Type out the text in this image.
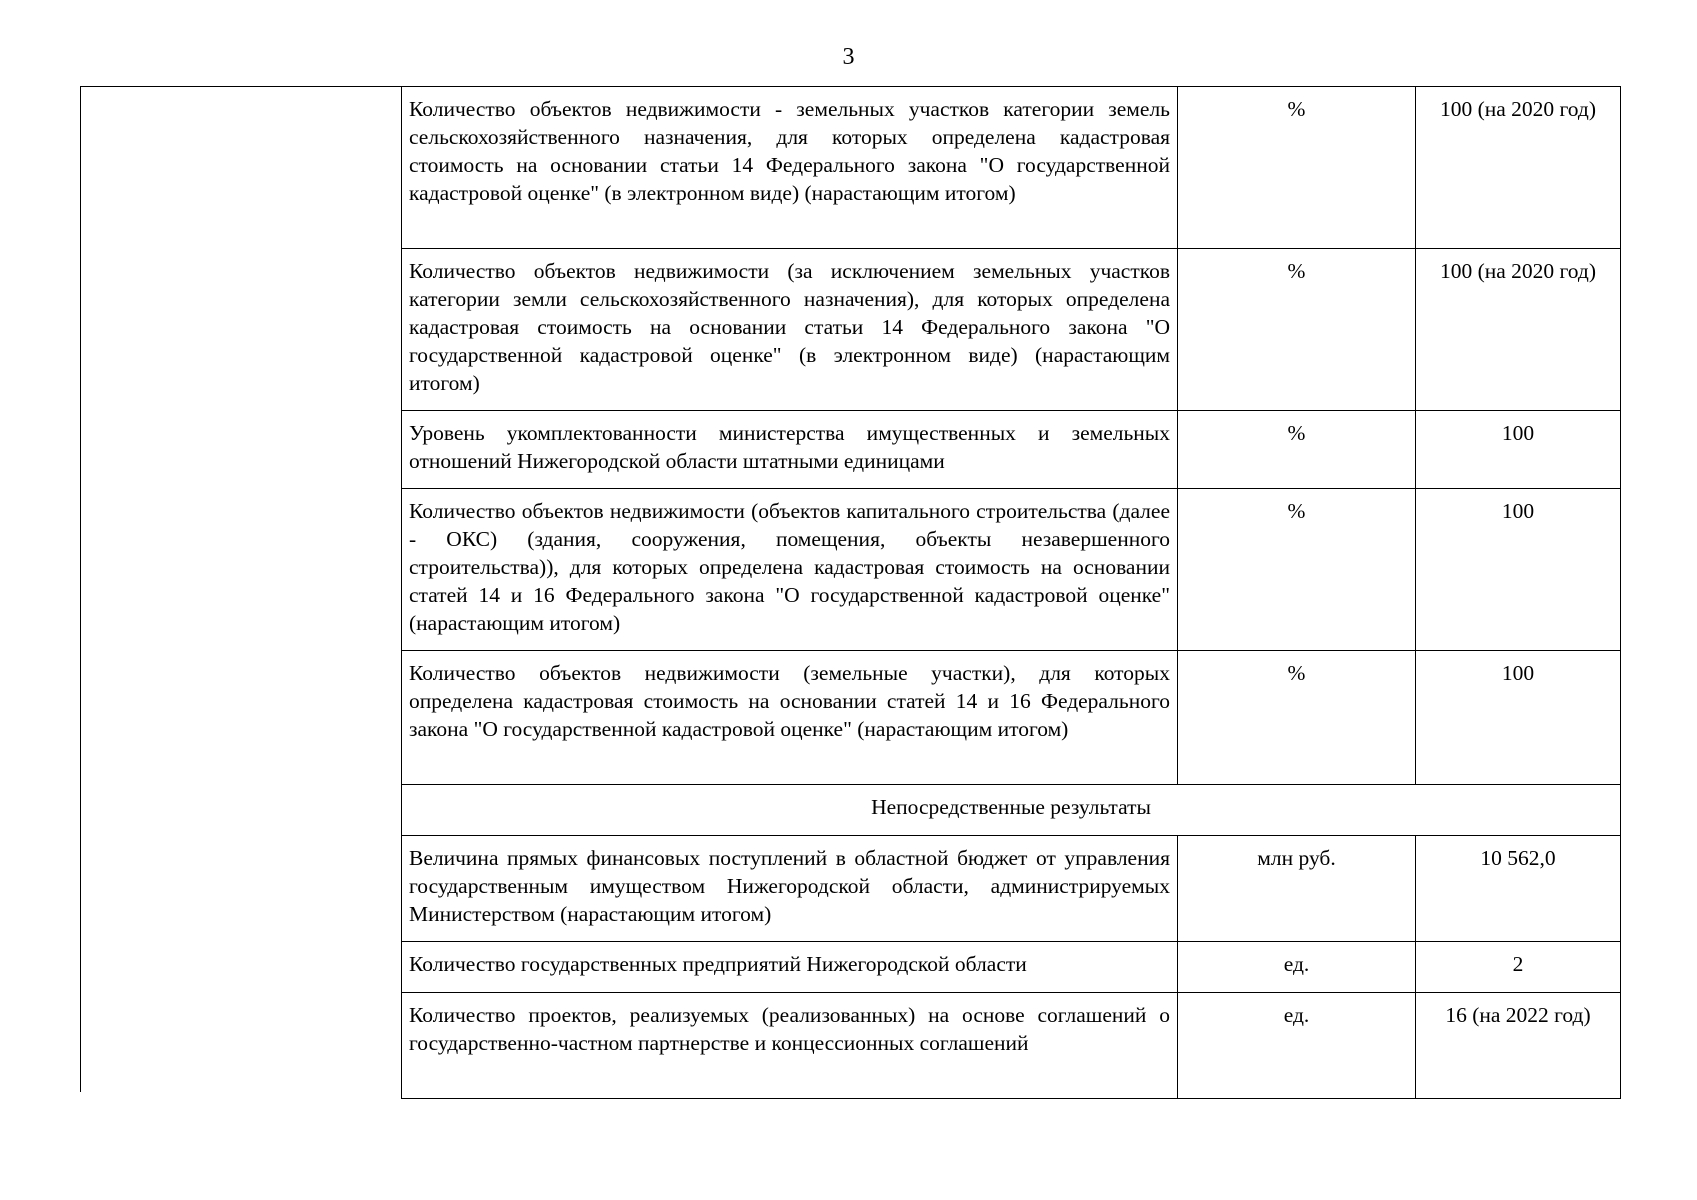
3
Количество объектов недвижимости - земельных участков категории земель сельскохозяйственного назначения, для которых определена кадастровая стоимость на основании статьи 14 Федерального закона "О государственной кадастровой оценке" (в электронном виде) (нарастающим итогом)	%	100 (на 2020 год)
Количество объектов недвижимости (за исключением земельных участков категории земли сельскохозяйственного назначения), для которых определена кадастровая стоимость на основании статьи 14 Федерального закона "О государственной кадастровой оценке" (в электронном виде) (нарастающим итогом)	%	100 (на 2020 год)
Уровень укомплектованности министерства имущественных и земельных отношений Нижегородской области штатными единицами	%	100
Количество объектов недвижимости (объектов капитального строительства (далее - ОКС) (здания, сооружения, помещения, объекты незавершенного строительства)), для которых определена кадастровая стоимость на основании статей 14 и 16 Федерального закона "О государственной кадастровой оценке" (нарастающим итогом)	%	100
Количество объектов недвижимости (земельные участки), для которых определена кадастровая стоимость на основании статей 14 и 16 Федерального закона "О государственной кадастровой оценке" (нарастающим итогом)	%	100
Непосредственные результаты		
Величина прямых финансовых поступлений в областной бюджет от управления государственным имуществом Нижегородской области, администрируемых Министерством (нарастающим итогом)	млн руб.	10 562,0
Количество государственных предприятий Нижегородской области	ед.	2
Количество проектов, реализуемых (реализованных) на основе соглашений о государственно-частном партнерстве и концессионных соглашений	ед.	16 (на 2022 год)
